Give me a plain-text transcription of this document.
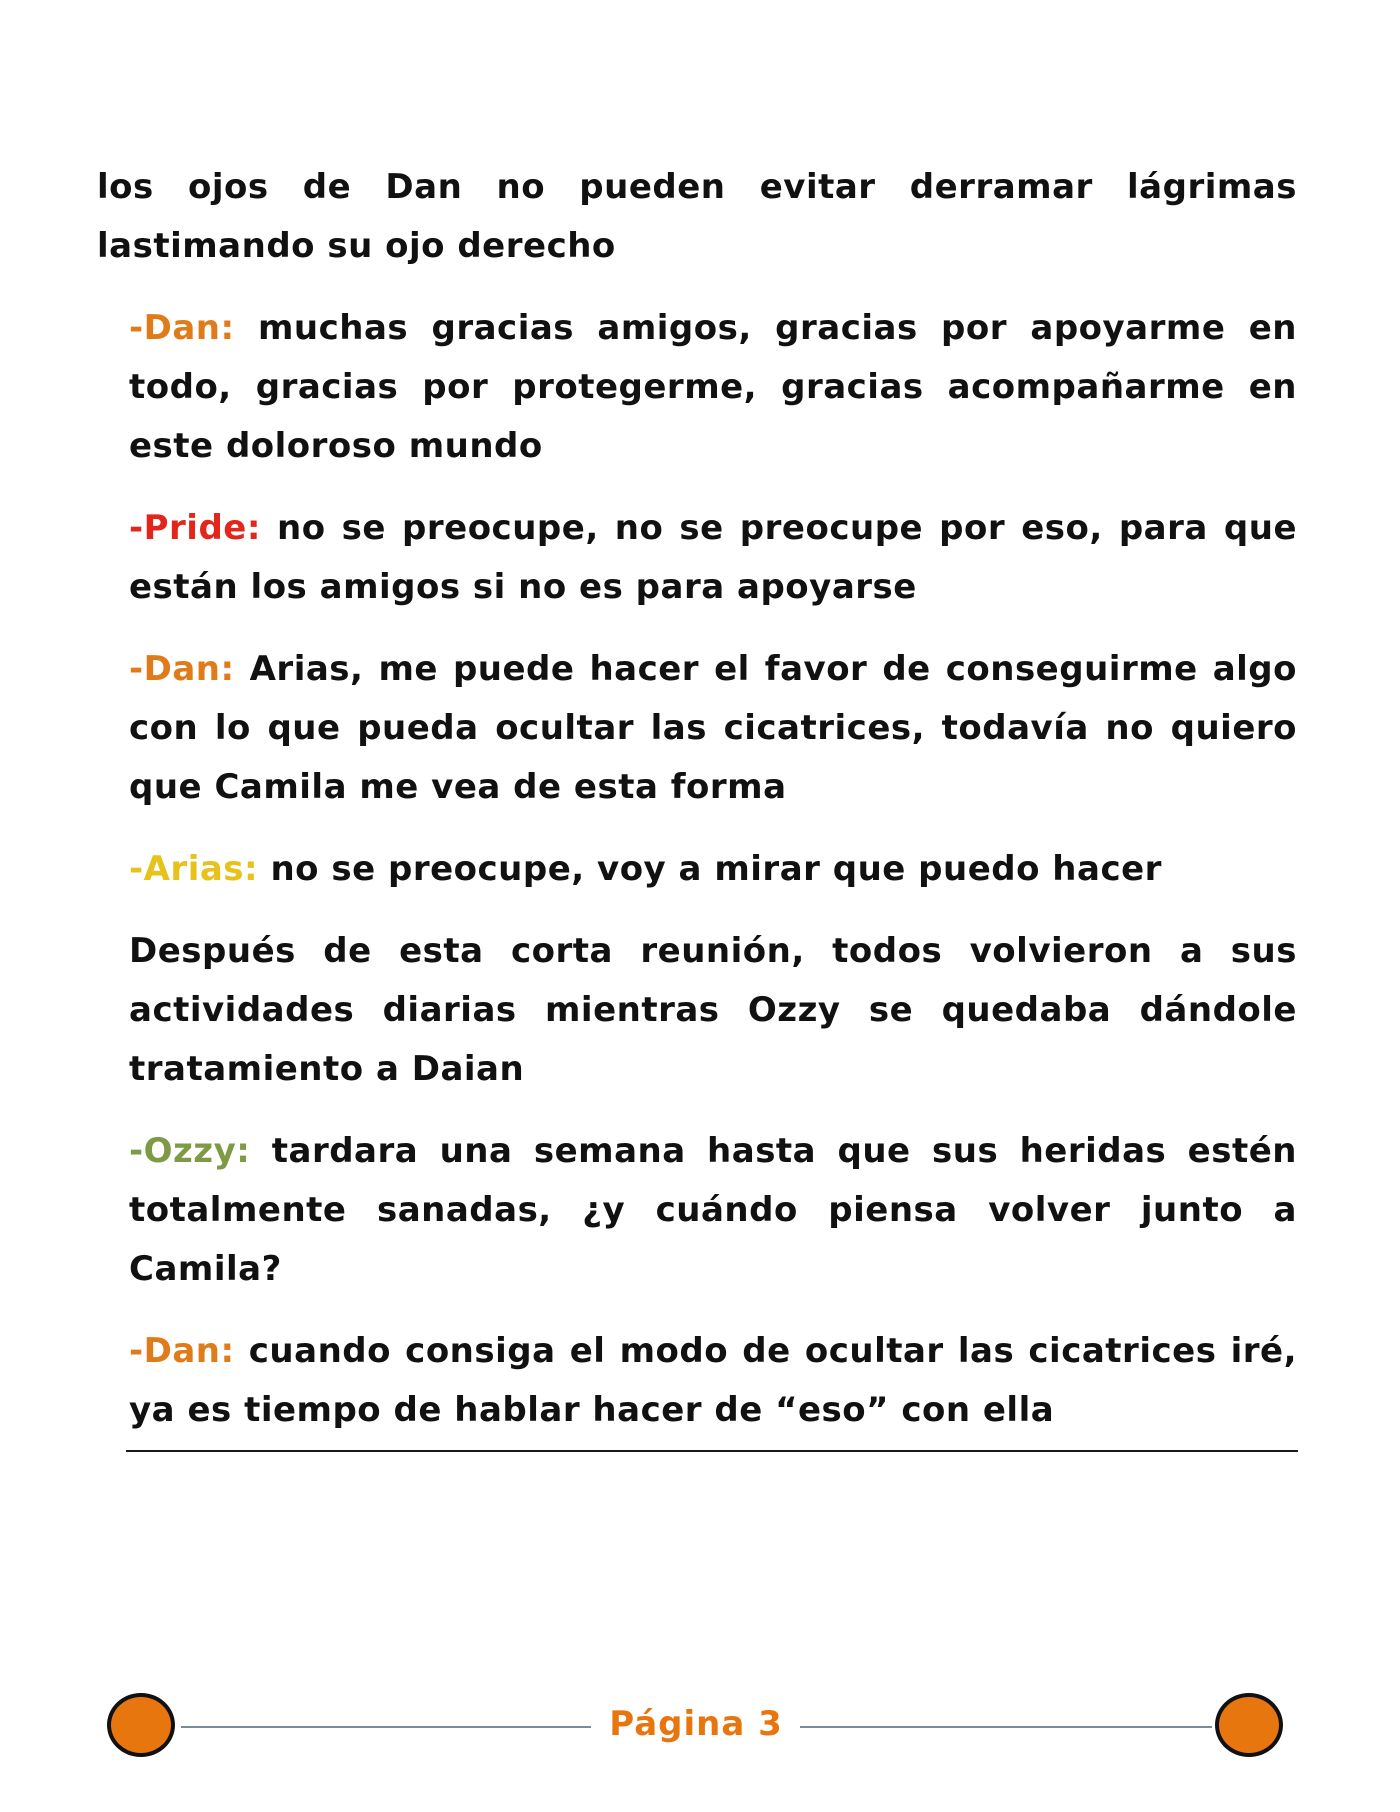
los ojos de Dan no pueden evitar derramar lágrimas lastimando su ojo derecho

-Dan: muchas gracias amigos, gracias por apoyarme en todo, gracias por protegerme, gracias acompañarme en este doloroso mundo

-Pride: no se preocupe, no se preocupe por eso, para que están los amigos si no es para apoyarse

-Dan: Arias, me puede hacer el favor de conseguirme algo con lo que pueda ocultar las cicatrices, todavía no quiero que Camila me vea de esta forma

-Arias: no se preocupe, voy a mirar que puedo hacer

Después de esta corta reunión, todos volvieron a sus actividades diarias mientras Ozzy se quedaba dándole tratamiento a Daian

-Ozzy: tardara una semana hasta que sus heridas estén totalmente sanadas, ¿y cuándo piensa volver junto a Camila?

-Dan: cuando consiga el modo de ocultar las cicatrices iré, ya es tiempo de hablar hacer de “eso” con ella

Página 3
